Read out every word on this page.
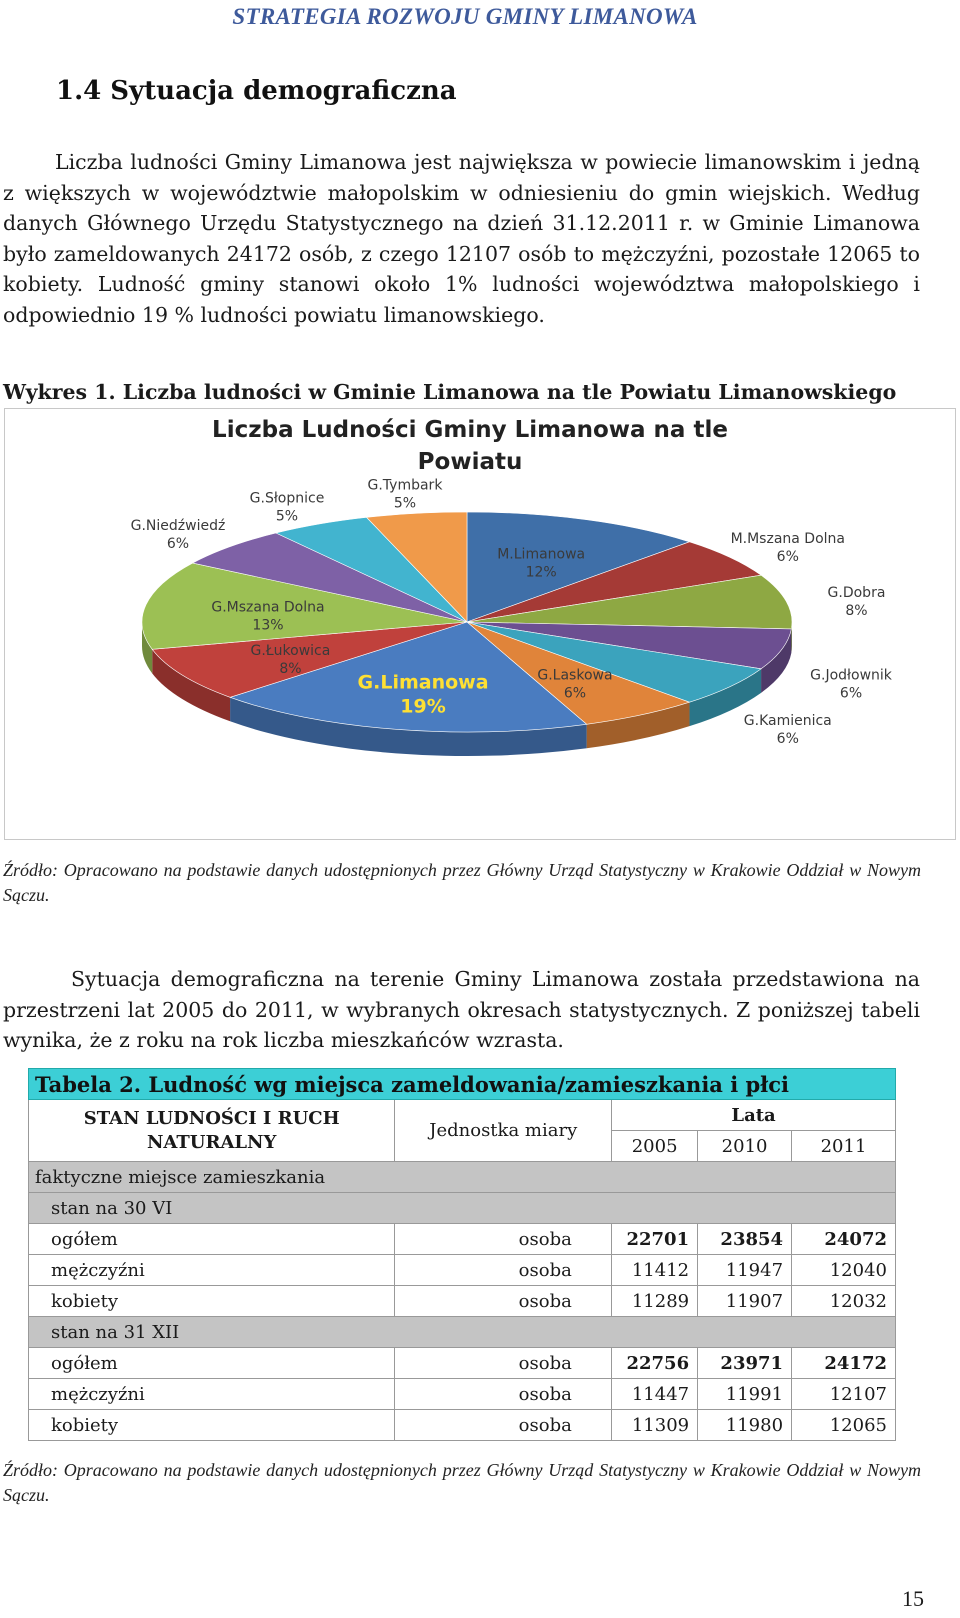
STRATEGIA ROZWOJU GMINY LIMANOWA
1.4 Sytuacja demograficzna

Liczba ludności Gminy Limanowa jest największa w powiecie limanowskim i jedną z większych w województwie małopolskim w odniesieniu do gmin wiejskich. Według danych Głównego Urzędu Statystycznego na dzień 31.12.2011 r. w Gminie Limanowa było zameldowanych 24172 osób, z czego 12107 osób to mężczyźni, pozostałe 12065 to kobiety. Ludność gminy stanowi około 1% ludności województwa małopolskiego i odpowiednio 19 % ludności powiatu limanowskiego.

Wykres 1. Liczba ludności w Gminie Limanowa na tle Powiatu Limanowskiego
Liczba Ludności Gminy Limanowa na tle
Powiatu
M.Limanowa
12%
M.Mszana Dolna
6%
G.Dobra
8%
G.Jodłownik
6%
G.Kamienica
6%
G.Laskowa
6%
G.Limanowa
19%
G.Łukowica
8%
G.Mszana Dolna
13%
G.Niedźwiedź
6%
G.Słopnice
5%
G.Tymbark
5%
Źródło: Opracowano na podstawie danych udostępnionych przez Główny Urząd Statystyczny w Krakowie Oddział w Nowym Sączu.

Sytuacja demograficzna na terenie Gminy Limanowa została przedstawiona na przestrzeni lat 2005 do 2011, w wybranych okresach statystycznych. Z poniższej tabeli wynika, że z roku na rok liczba mieszkańców wzrasta.

Tabela 2. Ludność wg miejsca zameldowania/zamieszkania i płci				
STAN LUDNOŚCI I RUCH
NATURALNY	Jednostka miary	Lata		
		2005	2010	2011
faktyczne miejsce zamieszkania				
stan na 30 VI				
ogółem	osoba	22701	23854	24072
mężczyźni	osoba	11412	11947	12040
kobiety	osoba	11289	11907	12032
stan na 31 XII				
ogółem	osoba	22756	23971	24172
mężczyźni	osoba	11447	11991	12107
kobiety	osoba	11309	11980	12065
Źródło: Opracowano na podstawie danych udostępnionych przez Główny Urząd Statystyczny w Krakowie Oddział w Nowym Sączu.
15
